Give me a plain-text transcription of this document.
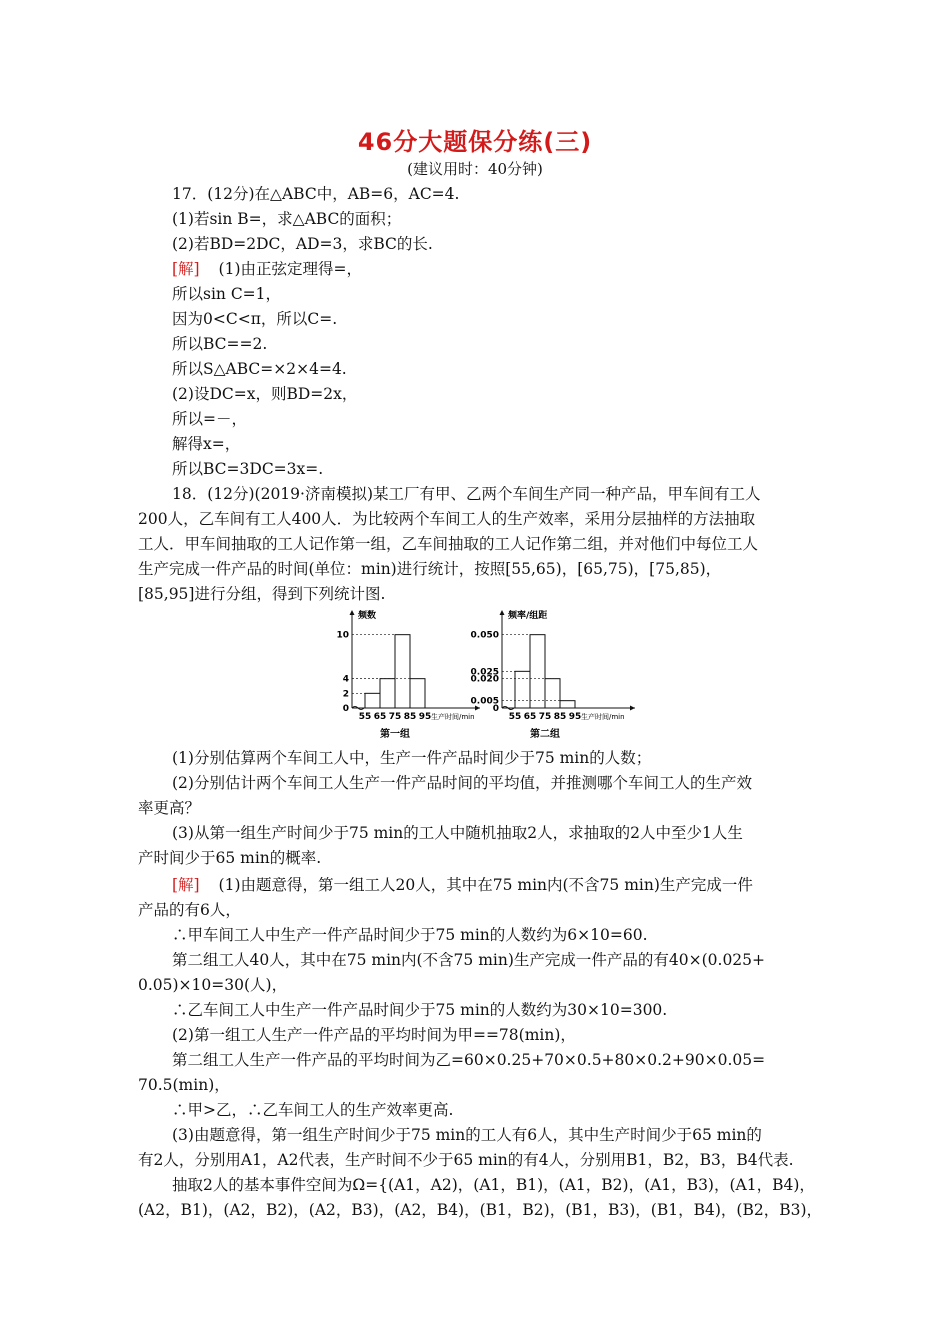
46分大题保分练(三)
(建议用时：40分钟)
17．(12分)在△ABC中，AB=6，AC=4.
(1)若sin B=，求△ABC的面积；
(2)若BD=2DC，AD=3，求BC的长.
[解] (1)由正弦定理得=，
所以sin C=1，
因为0<C<π，所以C=.
所以BC==2.
所以S△ABC=×2×4=4.
(2)设DC=x，则BD=2x，
所以=－，
解得x=，
所以BC=3DC=3x=.
18．(12分)(2019·济南模拟)某工厂有甲、乙两个车间生产同一种产品，甲车间有工人
200人，乙车间有工人400人．为比较两个车间工人的生产效率，采用分层抽样的方法抽取
工人．甲车间抽取的工人记作第一组，乙车间抽取的工人记作第二组，并对他们中每位工人
生产完成一件产品的时间(单位：min)进行统计，按照[55,65)，[65,75)，[75,85)，
[85,95]进行分组，得到下列统计图.
频数
0
2
4
10
55 65 75 85 95 生产时间/min
第一组
频率/组距
0
0.005
0.020
0.025
0.050
55 65 75 85 95 生产时间/min
第二组
(1)分别估算两个车间工人中，生产一件产品时间少于75 min的人数；
(2)分别估计两个车间工人生产一件产品时间的平均值，并推测哪个车间工人的生产效
率更高？
(3)从第一组生产时间少于75 min的工人中随机抽取2人，求抽取的2人中至少1人生
产时间少于65 min的概率.
[解] (1)由题意得，第一组工人20人，其中在75 min内(不含75 min)生产完成一件
产品的有6人，
∴甲车间工人中生产一件产品时间少于75 min的人数约为6×10=60.
第二组工人40人，其中在75 min内(不含75 min)生产完成一件产品的有40×(0.025+
0.05)×10=30(人)，
∴乙车间工人中生产一件产品时间少于75 min的人数约为30×10=300.
(2)第一组工人生产一件产品的平均时间为甲==78(min)，
第二组工人生产一件产品的平均时间为乙=60×0.25+70×0.5+80×0.2+90×0.05=
70.5(min)，
∴甲>乙，∴乙车间工人的生产效率更高.
(3)由题意得，第一组生产时间少于75 min的工人有6人，其中生产时间少于65 min的
有2人，分别用A1，A2代表，生产时间不少于65 min的有4人，分别用B1，B2，B3，B4代表.
抽取2人的基本事件空间为Ω={(A1，A2)，(A1，B1)，(A1，B2)，(A1，B3)，(A1，B4)，
(A2，B1)，(A2，B2)，(A2，B3)，(A2，B4)，(B1，B2)，(B1，B3)，(B1，B4)，(B2，B3)，
